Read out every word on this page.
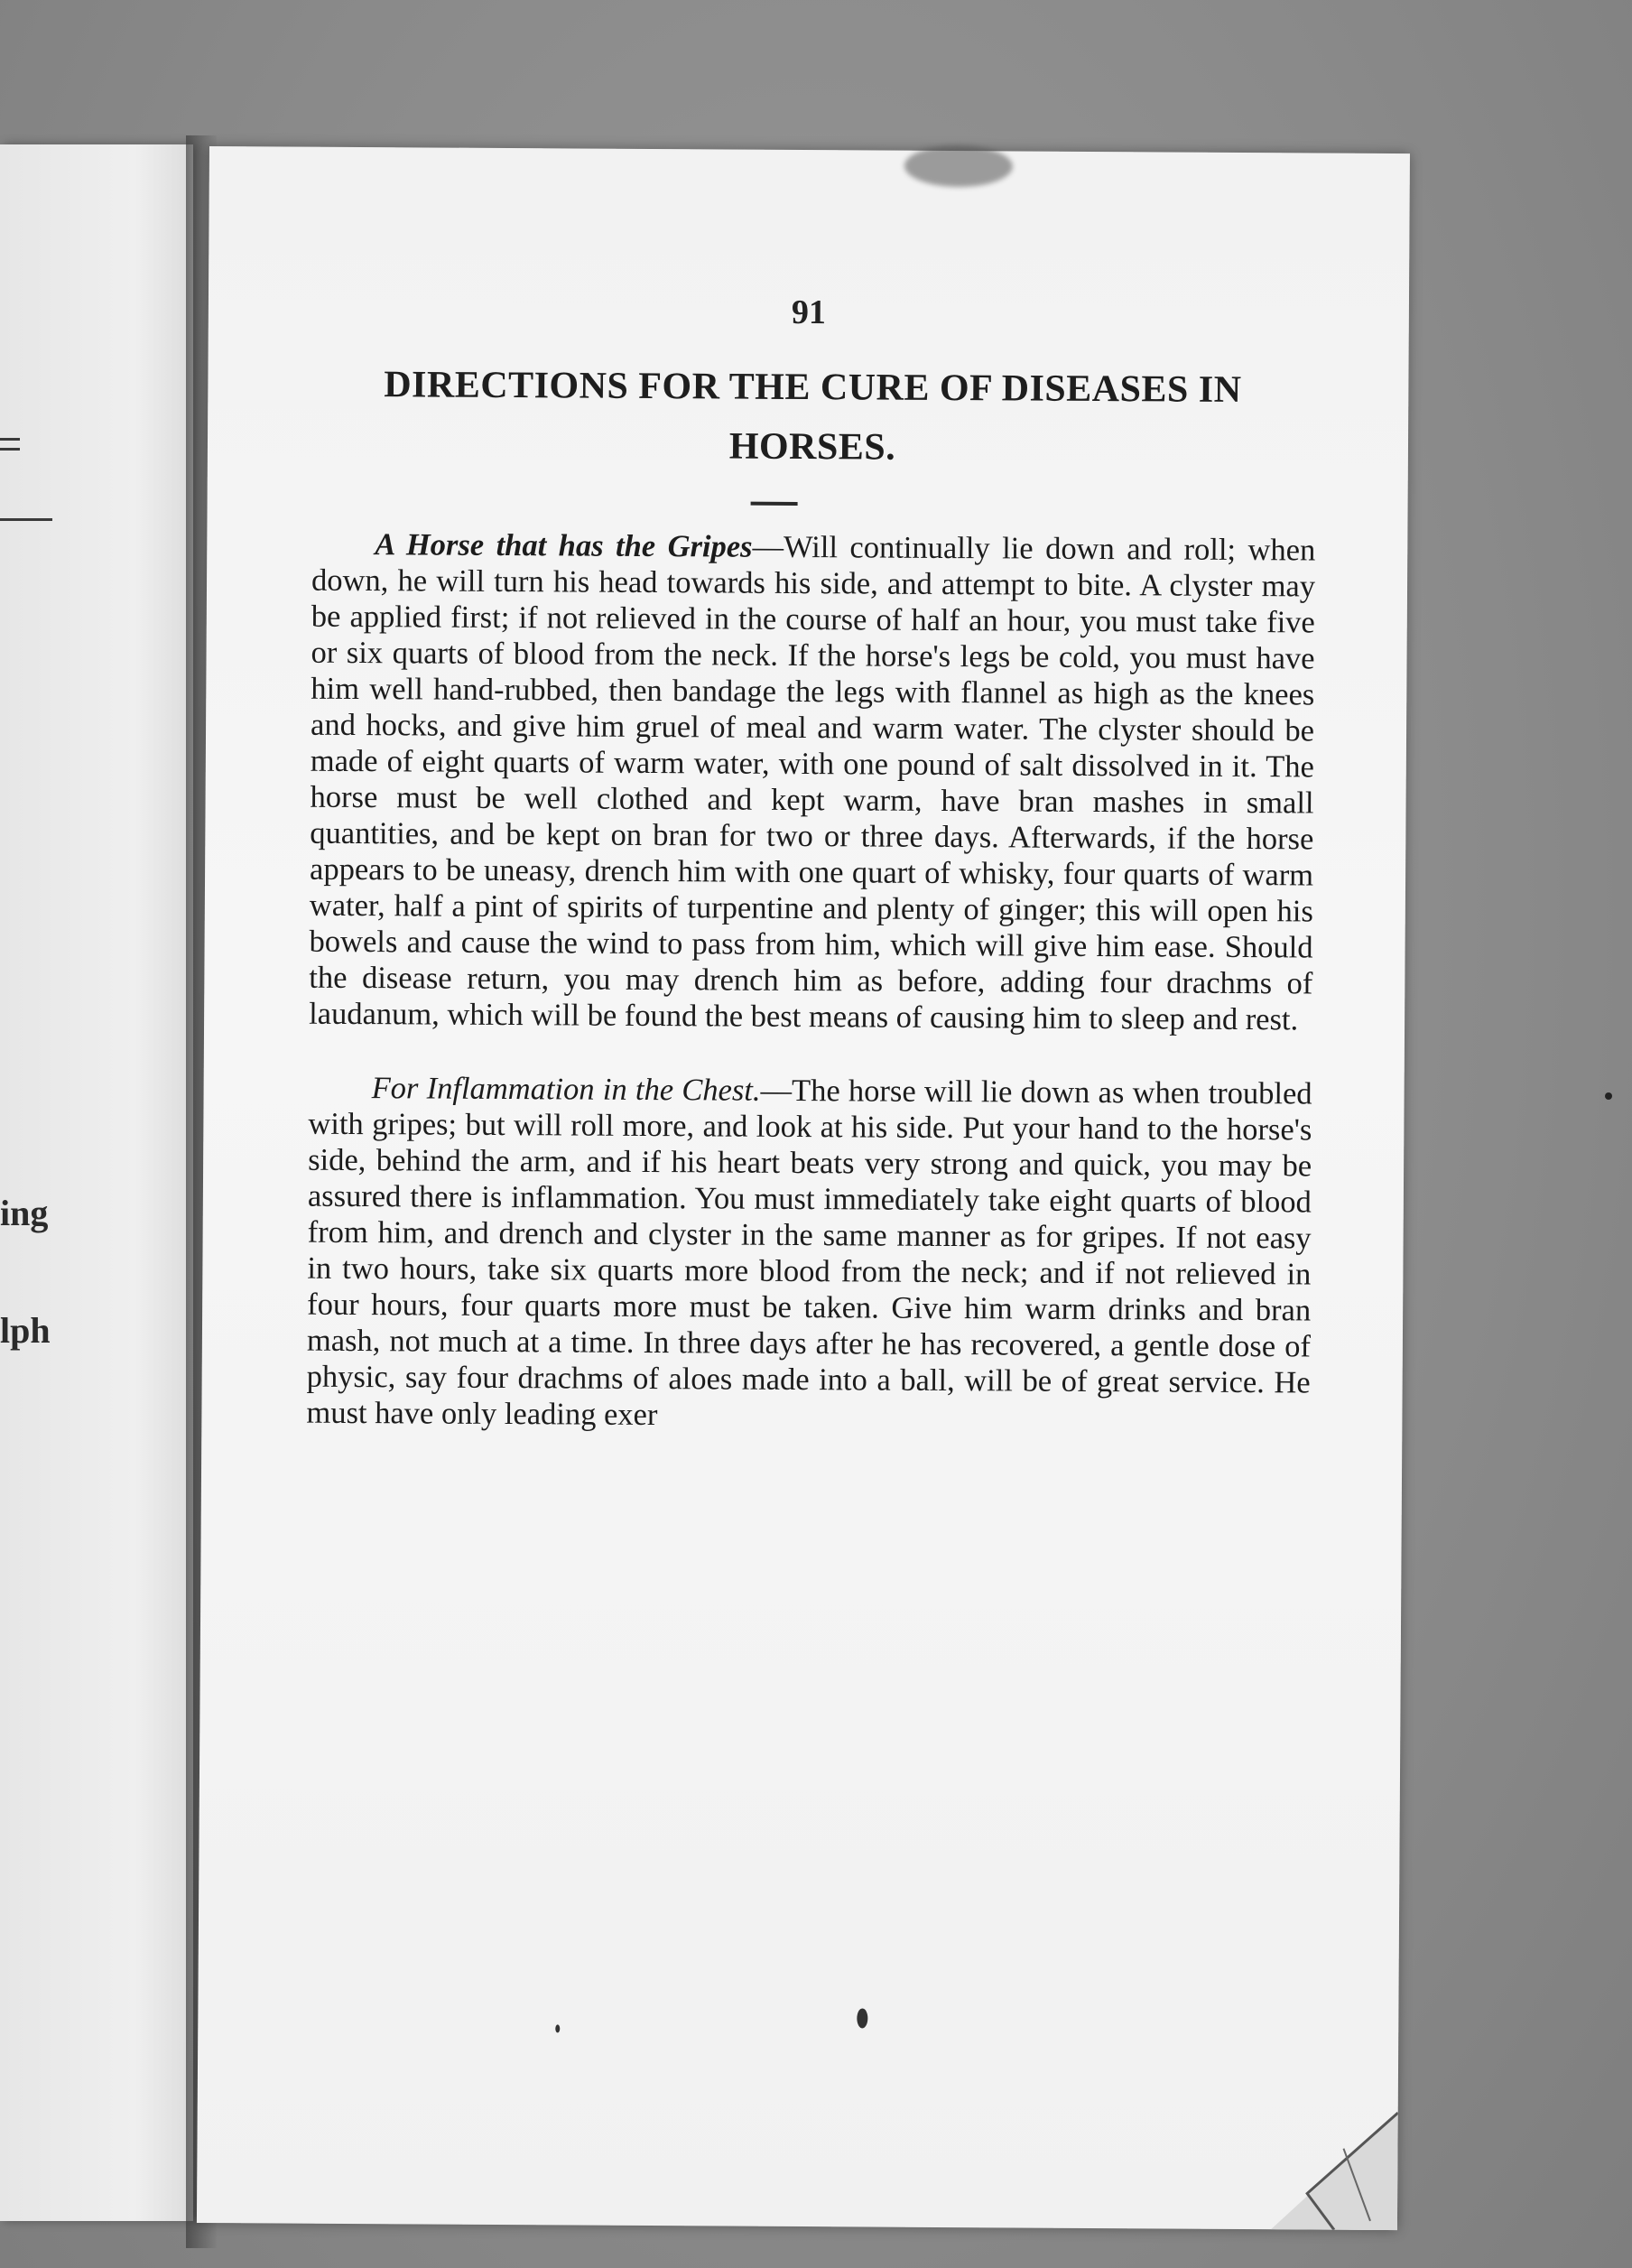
ing
lph
91
DIRECTIONS FOR THE CURE OF DISEASES IN HORSES.

A Horse that has the Gripes—Will continually lie down and roll; when down, he will turn his head towards his side, and attempt to bite. A clyster may be applied first; if not relieved in the course of half an hour, you must take five or six quarts of blood from the neck. If the horse's legs be cold, you must have him well hand-rubbed, then bandage the legs with flannel as high as the knees and hocks, and give him gruel of meal and warm water. The clyster should be made of eight quarts of warm water, with one pound of salt dissolved in it. The horse must be well clothed and kept warm, have bran mashes in small quantities, and be kept on bran for two or three days. Afterwards, if the horse appears to be uneasy, drench him with one quart of whisky, four quarts of warm water, half a pint of spirits of turpentine and plenty of ginger; this will open his bowels and cause the wind to pass from him, which will give him ease. Should the disease return, you may drench him as before, adding four drachms of laudanum, which will be found the best means of causing him to sleep and rest.

For Inflammation in the Chest.—The horse will lie down as when troubled with gripes; but will roll more, and look at his side. Put your hand to the horse's side, behind the arm, and if his heart beats very strong and quick, you may be assured there is inflammation. You must immediately take eight quarts of blood from him, and drench and clyster in the same manner as for gripes. If not easy in two hours, take six quarts more blood from the neck; and if not relieved in four hours, four quarts more must be taken. Give him warm drinks and bran mash, not much at a time. In three days after he has recovered, a gentle dose of physic, say four drachms of aloes made into a ball, will be of great service. He must have only leading exer
